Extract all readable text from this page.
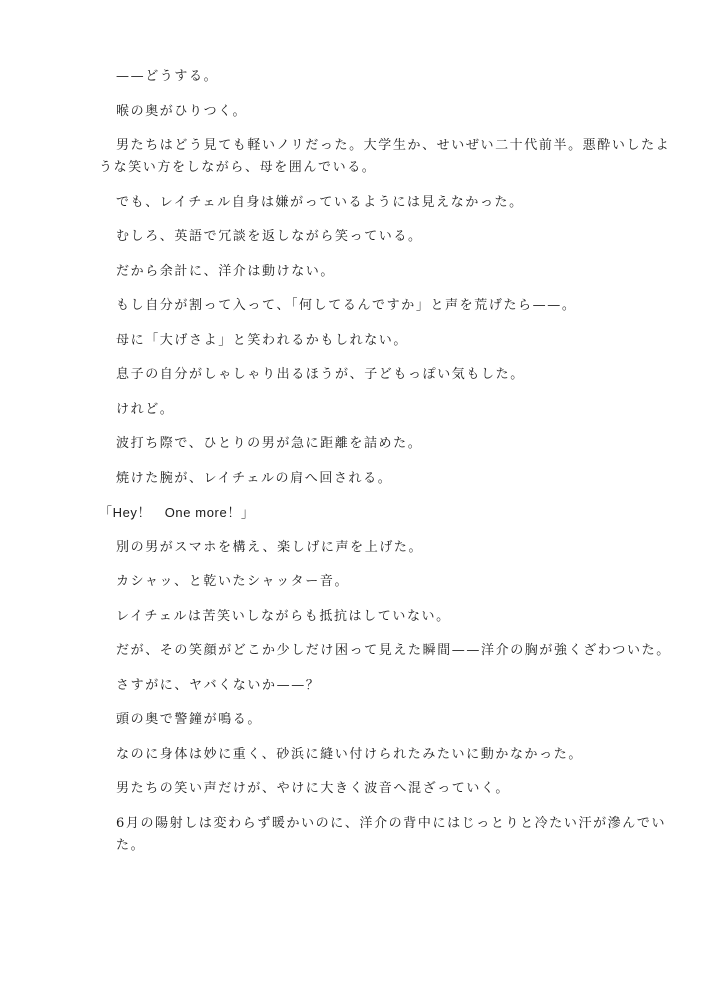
——どうする。

喉の奥がひりつく。

男たちはどう見ても軽いノリだった。大学生か、せいぜい二十代前半。悪酔いしたような笑い方をしながら、母を囲んでいる。

でも、レイチェル自身は嫌がっているようには見えなかった。

むしろ、英語で冗談を返しながら笑っている。

だから余計に、洋介は動けない。

もし自分が割って入って、「何してるんですか」と声を荒げたら——。

母に「大げさよ」と笑われるかもしれない。

息子の自分がしゃしゃり出るほうが、子どもっぽい気もした。

けれど。

波打ち際で、ひとりの男が急に距離を詰めた。

焼けた腕が、レイチェルの肩へ回される。

「Hey！　One more！」

別の男がスマホを構え、楽しげに声を上げた。

カシャッ、と乾いたシャッター音。

レイチェルは苦笑いしながらも抵抗はしていない。

だが、その笑顔がどこか少しだけ困って見えた瞬間——洋介の胸が強くざわついた。

さすがに、ヤバくないか——？

頭の奥で警鐘が鳴る。

なのに身体は妙に重く、砂浜に縫い付けられたみたいに動かなかった。

男たちの笑い声だけが、やけに大きく波音へ混ざっていく。

6月の陽射しは変わらず暖かいのに、洋介の背中にはじっとりと冷たい汗が滲んでいた。
